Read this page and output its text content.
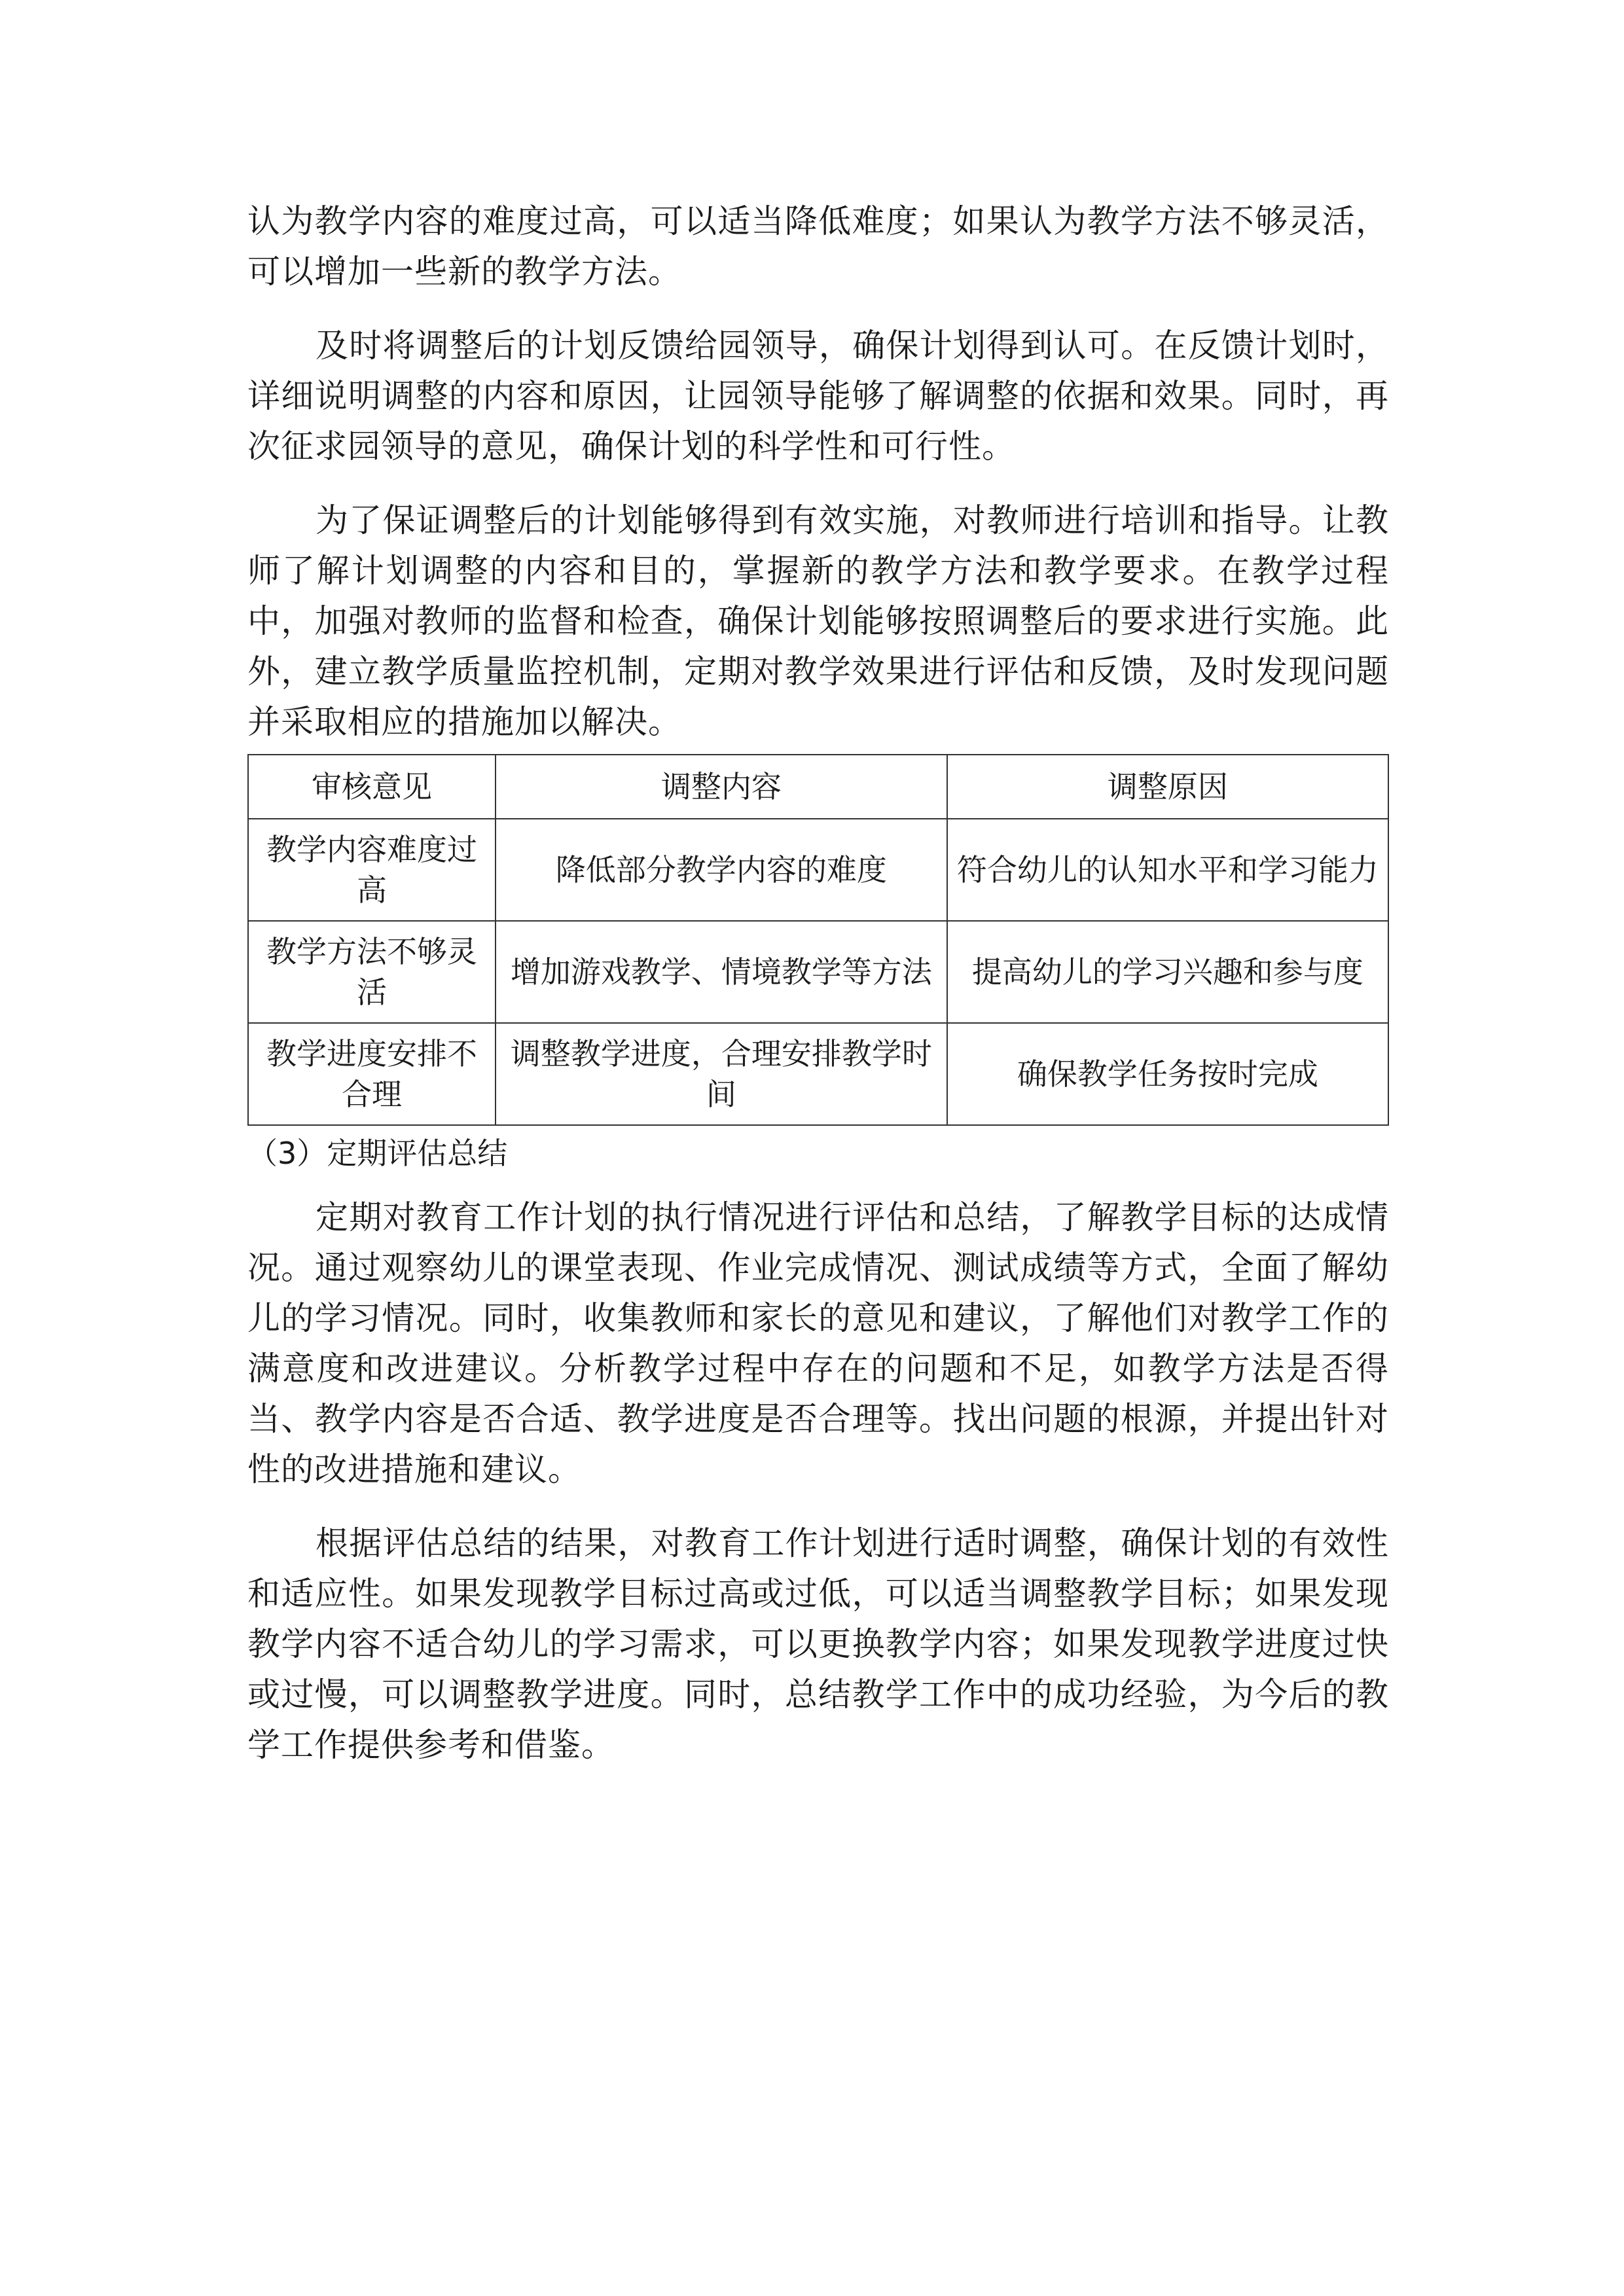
认为教学内容的难度过高，可以适当降低难度；如果认为教学方法不够灵活，可以增加一些新的教学方法。

及时将调整后的计划反馈给园领导，确保计划得到认可。在反馈计划时，详细说明调整的内容和原因，让园领导能够了解调整的依据和效果。同时，再次征求园领导的意见，确保计划的科学性和可行性。

为了保证调整后的计划能够得到有效实施，对教师进行培训和指导。让教师了解计划调整的内容和目的，掌握新的教学方法和教学要求。在教学过程中，加强对教师的监督和检查，确保计划能够按照调整后的要求进行实施。此外，建立教学质量监控机制，定期对教学效果进行评估和反馈，及时发现问题并采取相应的措施加以解决。

审核意见	调整内容	调整原因
教学内容难度过高	降低部分教学内容的难度	符合幼儿的认知水平和学习能力
教学方法不够灵活	增加游戏教学、情境教学等方法	提高幼儿的学习兴趣和参与度
教学进度安排不合理	调整教学进度，合理安排教学时间	确保教学任务按时完成

（3）定期评估总结

定期对教育工作计划的执行情况进行评估和总结，了解教学目标的达成情况。通过观察幼儿的课堂表现、作业完成情况、测试成绩等方式，全面了解幼儿的学习情况。同时，收集教师和家长的意见和建议，了解他们对教学工作的满意度和改进建议。分析教学过程中存在的问题和不足，如教学方法是否得当、教学内容是否合适、教学进度是否合理等。找出问题的根源，并提出针对性的改进措施和建议。

根据评估总结的结果，对教育工作计划进行适时调整，确保计划的有效性和适应性。如果发现教学目标过高或过低，可以适当调整教学目标；如果发现教学内容不适合幼儿的学习需求，可以更换教学内容；如果发现教学进度过快或过慢，可以调整教学进度。同时，总结教学工作中的成功经验，为今后的教学工作提供参考和借鉴。
